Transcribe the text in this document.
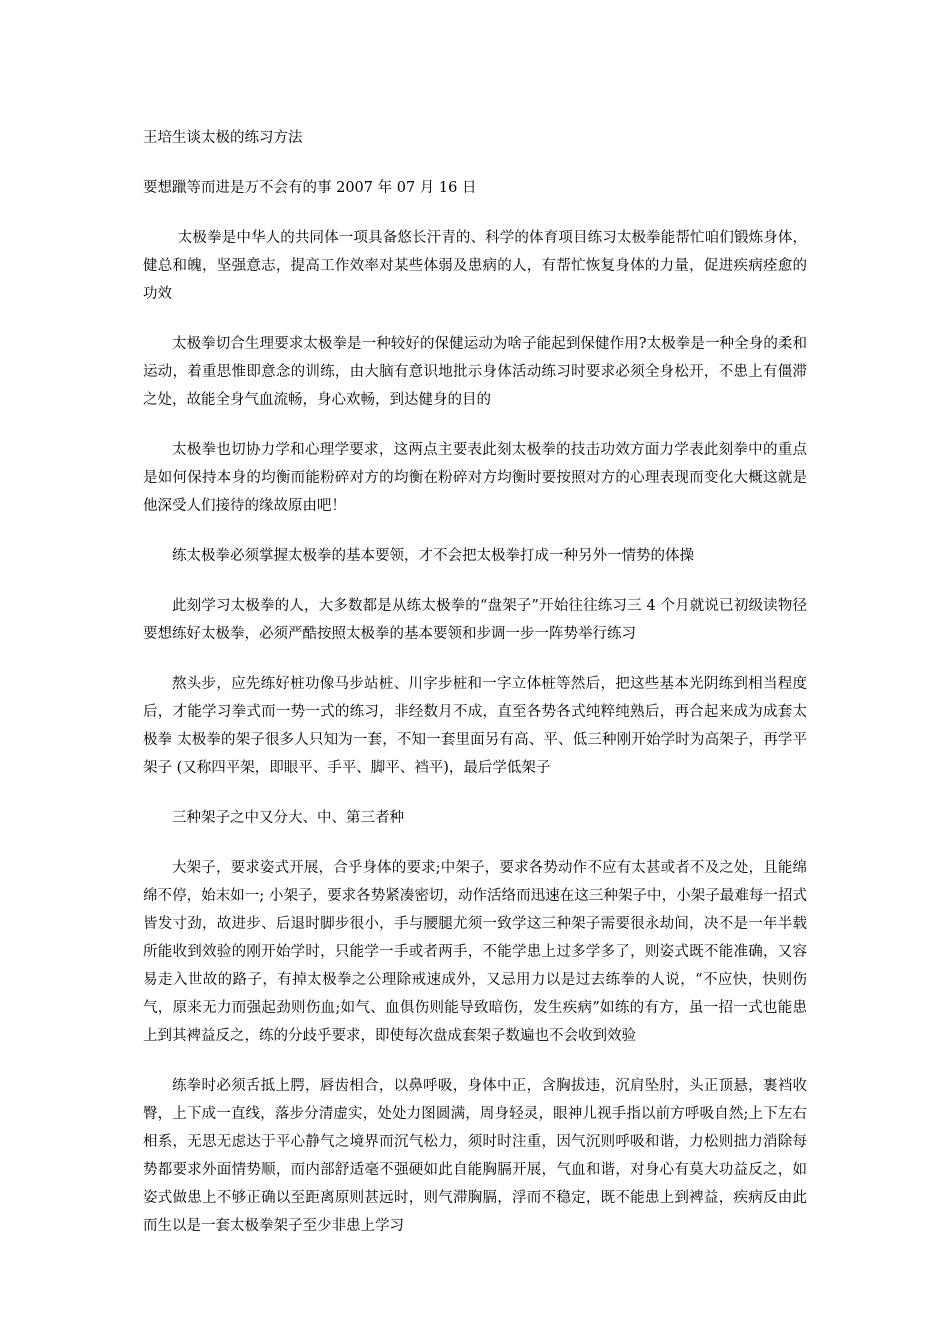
王培生谈太极的练习方法
要想躐等而进是万不会有的事 2007 年 07 月 16 日

太极拳是中华人的共同体一项具备悠长汗青的、科学的体育项目练习太极拳能帮忙咱们锻炼身体，健总和魄，坚强意志，提高工作效率对某些体弱及患病的人，有帮忙恢复身体的力量，促进疾病痊愈的功效

太极拳切合生理要求太极拳是一种较好的保健运动为啥子能起到保健作用?太极拳是一种全身的柔和运动，着重思惟即意念的训练，由大脑有意识地批示身体活动练习时要求必须全身松开，不患上有僵滞之处，故能全身气血流畅，身心欢畅，到达健身的目的

太极拳也切协力学和心理学要求，这两点主要表此刻太极拳的技击功效方面力学表此刻拳中的重点是如何保持本身的均衡而能粉碎对方的均衡在粉碎对方均衡时要按照对方的心理表现而变化大概这就是他深受人们接待的缘故原由吧！

练太极拳必须掌握太极拳的基本要领，才不会把太极拳打成一种另外一情势的体操

此刻学习太极拳的人，大多数都是从练太极拳的“盘架子”开始往往练习三 4 个月就说已初级读物径要想练好太极拳，必须严酷按照太极拳的基本要领和步调一步一阵势举行练习

熬头步，应先练好桩功像马步站桩、川字步桩和一字立体桩等然后，把这些基本光阴练到相当程度后，才能学习拳式而一势一式的练习，非经数月不成，直至各势各式纯粹纯熟后，再合起来成为成套太极拳 太极拳的架子很多人只知为一套，不知一套里面另有高、平、低三种刚开始学时为高架子，再学平架子 (又称四平架，即眼平、手平、脚平、裆平)，最后学低架子

三种架子之中又分大、中、第三者种

大架子，要求姿式开展，合乎身体的要求;中架子，要求各势动作不应有太甚或者不及之处，且能绵绵不停，始末如一; 小架子，要求各势紧凑密切，动作活络而迅速在这三种架子中，小架子最难每一招式皆发寸劲，故进步、后退时脚步很小，手与腰腿尤须一致学这三种架子需要很永劫间，决不是一年半载所能收到效验的刚开始学时，只能学一手或者两手，不能学患上过多学多了，则姿式既不能准确，又容易走入世故的路子，有掉太极拳之公理除戒速成外，又忌用力以是过去练拳的人说，“不应快，快则伤气，原来无力而强起劲则伤血;如气、血俱伤则能导致暗伤，发生疾病”如练的有方，虽一招一式也能患上到其裨益反之，练的分歧乎要求，即使每次盘成套架子数遍也不会收到效验

练拳时必须舌抵上腭，唇齿相合，以鼻呼吸，身体中正，含胸拔违，沉肩坠肘，头正顶悬，裹裆收臀，上下成一直线，落步分清虚实，处处力图圆满，周身轻灵，眼神儿视手指以前方呼吸自然;上下左右相系，无思无虑达于平心静气之境界而沉气松力，须时时注重，因气沉则呼吸和谐，力松则拙力消除每势都要求外面情势顺，而内部舒适毫不强硬如此自能胸膈开展，气血和谐，对身心有莫大功益反之，如姿式做患上不够正确以至距离原则甚远时，则气滞胸膈，浮而不稳定，既不能患上到裨益，疾病反由此而生以是一套太极拳架子至少非患上学习
